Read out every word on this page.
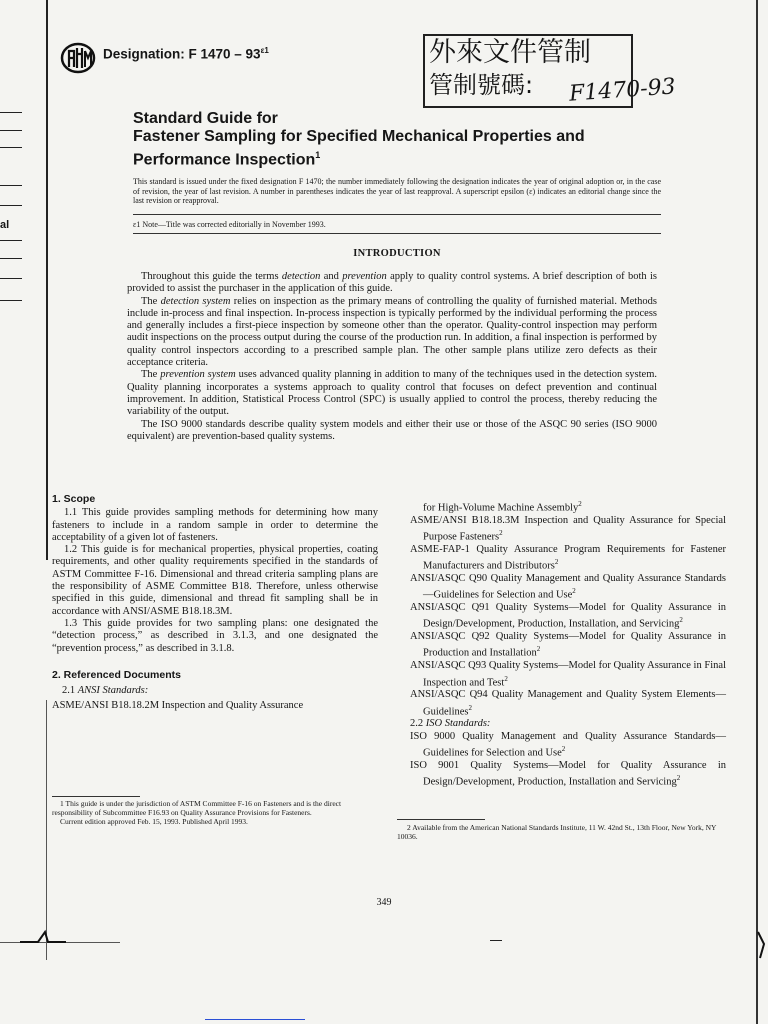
al
Designation: F $1470 - 93^{\varepsilon 1}$	外來文件管制
管制號碼: F1470-93
Standard Guide for
Fastener Sampling for Specified Mechanical Properties and
Performance Inspection$^1$

This standard is issued under the fixed designation F 1470; the number immediately following the designation indicates the year of original adoption or, in the case of revision, the year of last revision. A number in parentheses indicates the year of last reapproval. A superscript epsilon (ε) indicates an editorial change since the last revision or reapproval.

ε1 Note—Title was corrected editorially in November 1993.
INTRODUCTION

Throughout this guide the terms detection and prevention apply to quality control systems. A brief description of both is provided to assist the purchaser in the application of this guide.

The detection system relies on inspection as the primary means of controlling the quality of furnished material. Methods include in-process and final inspection. In-process inspection is typically performed by the individual performing the process and generally includes a first-piece inspection by someone other than the operator. Quality-control inspection may perform audit inspections on the process output during the course of the production run. In addition, a final inspection is performed by quality control inspectors according to a prescribed sample plan. The other sample plans utilize zero defects as their acceptance criteria.

The prevention system uses advanced quality planning in addition to many of the techniques used in the detection system. Quality planning incorporates a systems approach to quality control that focuses on defect prevention and continual improvement. In addition, Statistical Process Control (SPC) is usually applied to control the process, thereby reducing the variability of the output.

The ISO 9000 standards describe quality system models and either their use or those of the ASQC 90 series (ISO 9000 equivalent) are prevention-based quality systems.

1. Scope

1.1 This guide provides sampling methods for determining how many fasteners to include in a random sample in order to determine the acceptability of a given lot of fasteners.

1.2 This guide is for mechanical properties, physical properties, coating requirements, and other quality requirements specified in the standards of ASTM Committee F-16. Dimensional and thread criteria sampling plans are the responsibility of ASME Committee B18. Therefore, unless otherwise specified in this guide, dimensional and thread fit sampling shall be in accordance with ANSI/ASME B18.18.3M.

1.3 This guide provides for two sampling plans: one designated the “detection process,” as described in 3.1.3, and one designated the “prevention process,” as described in 3.1.8.

2. Referenced Documents

2.1 ANSI Standards:

ASME/ANSI B18.18.2M Inspection and Quality Assurance

for High-Volume Machine Assembly$^2$

ASME/ANSI B18.18.3M Inspection and Quality Assurance for Special Purpose Fasteners$^2$

ASME-FAP-1 Quality Assurance Program Requirements for Fastener Manufacturers and Distributors$^2$

ANSI/ASQC Q90 Quality Management and Quality Assurance Standards—Guidelines for Selection and Use$^2$

ANSI/ASQC Q91 Quality Systems—Model for Quality Assurance in Design/Development, Production, Installation, and Servicing$^2$

ANSI/ASQC Q92 Quality Systems—Model for Quality Assurance in Production and Installation$^2$

ANSI/ASQC Q93 Quality Systems—Model for Quality Assurance in Final Inspection and Test$^2$

ANSI/ASQC Q94 Quality Management and Quality System Elements—Guidelines$^2$

2.2 ISO Standards:

ISO 9000 Quality Management and Quality Assurance Standards—Guidelines for Selection and Use$^2$

ISO 9001 Quality Systems—Model for Quality Assurance in Design/Development, Production, Installation and Servicing$^2$

1 This guide is under the jurisdiction of ASTM Committee F-16 on Fasteners and is the direct responsibility of Subcommittee F16.93 on Quality Assurance Provisions for Fasteners.

Current edition approved Feb. 15, 1993. Published April 1993.

2 Available from the American National Standards Institute, 11 W. 42nd St., 13th Floor, New York, NY 10036.
349
